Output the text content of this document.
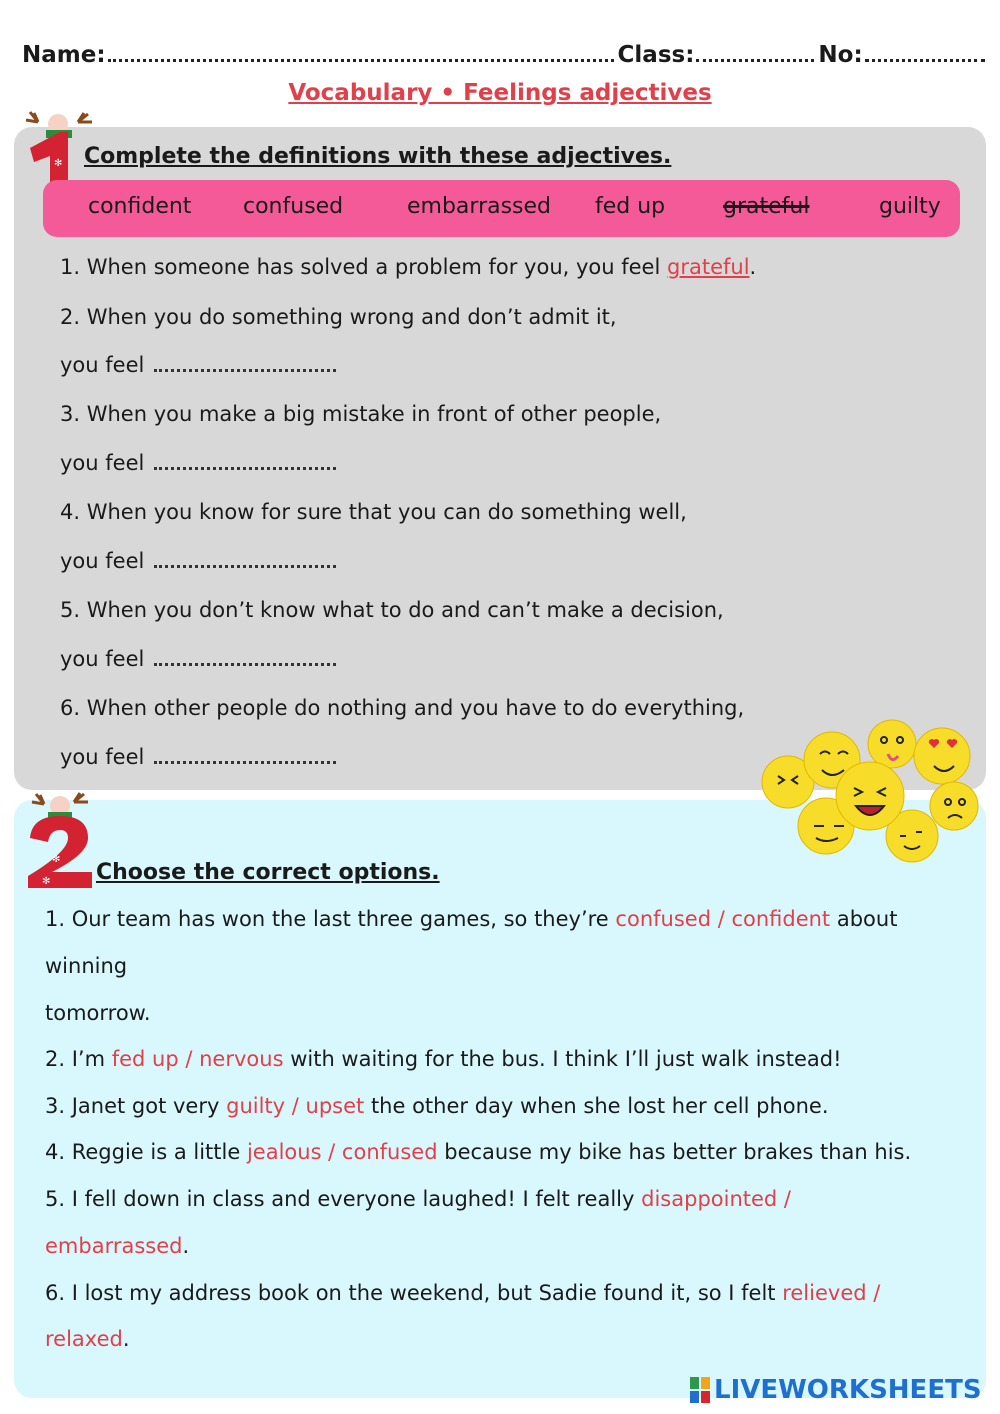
Name:	Class:	No:
Vocabulary • Feelings adjectives
✻ Complete the definitions with these adjectives.
confident confused	embarrassed fed up	grateful	guilty
1. When someone has solved a problem for you, you feel grateful.
2. When you do something wrong and don’t admit it,
you feel
3. When you make a big mistake in front of other people,
you feel
4. When you know for sure that you can do something well,
you feel
5. When you don’t know what to do and can’t make a decision,
you feel
6. When other people do nothing and you have to do everything,
you feel
✻
✻ Choose the correct options.
1. Our team has won the last three games, so they’re confused / confident about
winning
tomorrow.
2. I’m fed up / nervous with waiting for the bus. I think I’ll just walk instead!
3. Janet got very guilty / upset the other day when she lost her cell phone.
4. Reggie is a little jealous / confused because my bike has better brakes than his.
5. I fell down in class and everyone laughed! I felt really disappointed /
embarrassed.
6. I lost my address book on the weekend, but Sadie found it, so I felt relieved /
relaxed.
LIVEWORKSHEETS
